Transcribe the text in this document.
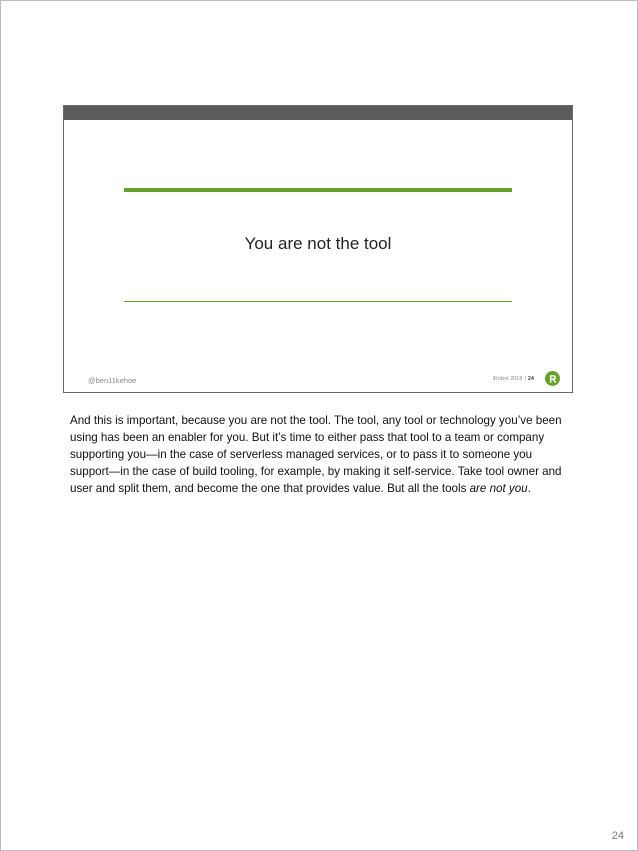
You are not the tool
@ben11kehoe	iRobot 2018 | 24

And this is important, because you are not the tool. The tool, any tool or technology you’ve been using has been an enabler for you. But it’s time to either pass that tool to a team or company supporting you—in the case of serverless managed services, or to pass it to someone you support—in the case of build tooling, for example, by making it self-service. Take tool owner and user and split them, and become the one that provides value. But all the tools are not you.

24
